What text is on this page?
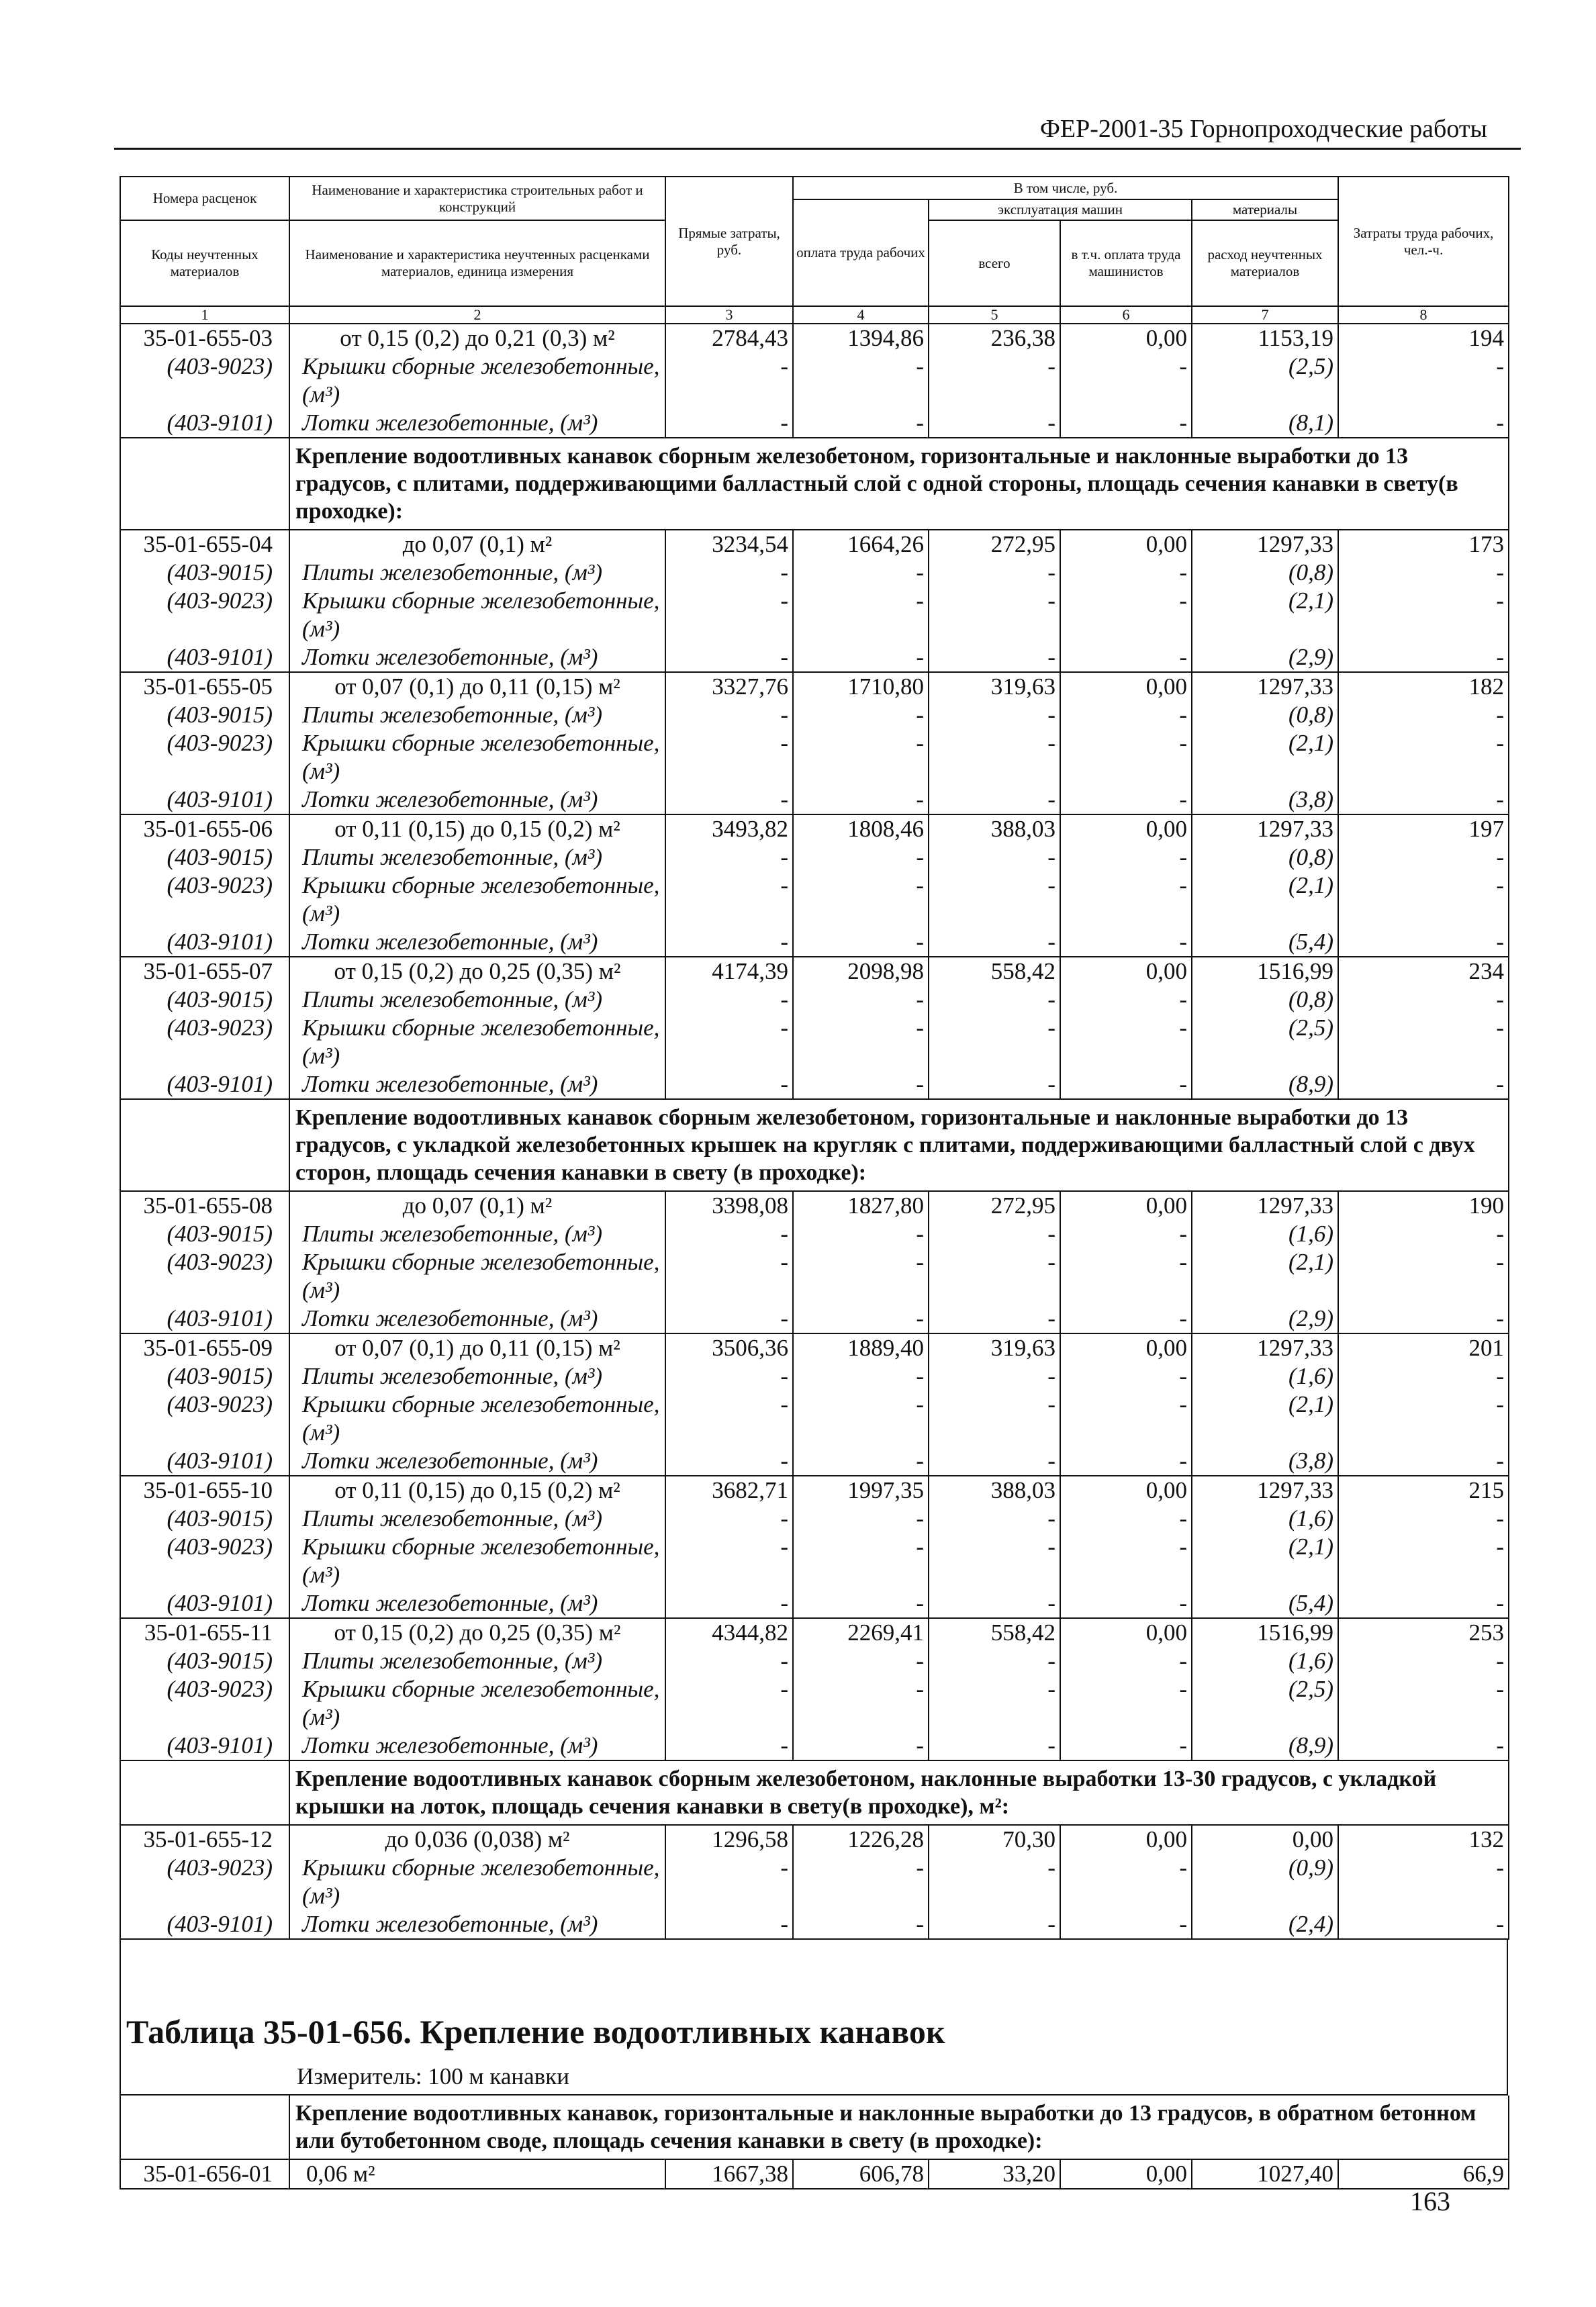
ФЕР-2001-35 Горнопроходческие работы
Номера расценок	Наименование и характеристика строительных работ и конструкций	Прямые затраты, руб.	В том числе, руб.				Затраты труда рабочих, чел.-ч.
			оплата труда рабочих	эксплуатация машин		материалы	
Коды неучтенных материалов	Наименование и характеристика неучтенных расценками материалов, единица измерения			всего	в т.ч. оплата труда машинистов	расход неучтенных материалов	

1	2	3	4	5	6	7	8
35-01-655-03	от 0,15 (0,2) до 0,21 (0,3) м²	2784,43	1394,86	236,38	0,00	1153,19	194
(403-9023)	Крышки сборные железобетонные, (м³)	-	-	-	-	(2,5)	-
(403-9101)	Лотки железобетонные, (м³)	-	-	-	-	(8,1)	-
	Крепление водоотливных канавок сборным железобетоном, горизонтальные и наклонные выработки до 13 градусов, с плитами, поддерживающими балластный слой с одной стороны, площадь сечения канавки в свету(в проходке):						
35-01-655-04	до 0,07 (0,1) м²	3234,54	1664,26	272,95	0,00	1297,33	173
(403-9015)	Плиты железобетонные, (м³)	-	-	-	-	(0,8)	-
(403-9023)	Крышки сборные железобетонные, (м³)	-	-	-	-	(2,1)	-
(403-9101)	Лотки железобетонные, (м³)	-	-	-	-	(2,9)	-
35-01-655-05	от 0,07 (0,1) до 0,11 (0,15) м²	3327,76	1710,80	319,63	0,00	1297,33	182
(403-9015)	Плиты железобетонные, (м³)	-	-	-	-	(0,8)	-
(403-9023)	Крышки сборные железобетонные, (м³)	-	-	-	-	(2,1)	-
(403-9101)	Лотки железобетонные, (м³)	-	-	-	-	(3,8)	-
35-01-655-06	от 0,11 (0,15) до 0,15 (0,2) м²	3493,82	1808,46	388,03	0,00	1297,33	197
(403-9015)	Плиты железобетонные, (м³)	-	-	-	-	(0,8)	-
(403-9023)	Крышки сборные железобетонные, (м³)	-	-	-	-	(2,1)	-
(403-9101)	Лотки железобетонные, (м³)	-	-	-	-	(5,4)	-
35-01-655-07	от 0,15 (0,2) до 0,25 (0,35) м²	4174,39	2098,98	558,42	0,00	1516,99	234
(403-9015)	Плиты железобетонные, (м³)	-	-	-	-	(0,8)	-
(403-9023)	Крышки сборные железобетонные, (м³)	-	-	-	-	(2,5)	-
(403-9101)	Лотки железобетонные, (м³)	-	-	-	-	(8,9)	-
	Крепление водоотливных канавок сборным железобетоном, горизонтальные и наклонные выработки до 13 градусов, с укладкой железобетонных крышек на кругляк с плитами, поддерживающими балластный слой с двух сторон, площадь сечения канавки в свету (в проходке):						
35-01-655-08	до 0,07 (0,1) м²	3398,08	1827,80	272,95	0,00	1297,33	190
(403-9015)	Плиты железобетонные, (м³)	-	-	-	-	(1,6)	-
(403-9023)	Крышки сборные железобетонные, (м³)	-	-	-	-	(2,1)	-
(403-9101)	Лотки железобетонные, (м³)	-	-	-	-	(2,9)	-
35-01-655-09	от 0,07 (0,1) до 0,11 (0,15) м²	3506,36	1889,40	319,63	0,00	1297,33	201
(403-9015)	Плиты железобетонные, (м³)	-	-	-	-	(1,6)	-
(403-9023)	Крышки сборные железобетонные, (м³)	-	-	-	-	(2,1)	-
(403-9101)	Лотки железобетонные, (м³)	-	-	-	-	(3,8)	-
35-01-655-10	от 0,11 (0,15) до 0,15 (0,2) м²	3682,71	1997,35	388,03	0,00	1297,33	215
(403-9015)	Плиты железобетонные, (м³)	-	-	-	-	(1,6)	-
(403-9023)	Крышки сборные железобетонные, (м³)	-	-	-	-	(2,1)	-
(403-9101)	Лотки железобетонные, (м³)	-	-	-	-	(5,4)	-
35-01-655-11	от 0,15 (0,2) до 0,25 (0,35) м²	4344,82	2269,41	558,42	0,00	1516,99	253
(403-9015)	Плиты железобетонные, (м³)	-	-	-	-	(1,6)	-
(403-9023)	Крышки сборные железобетонные, (м³)	-	-	-	-	(2,5)	-
(403-9101)	Лотки железобетонные, (м³)	-	-	-	-	(8,9)	-
	Крепление водоотливных канавок сборным железобетоном, наклонные выработки 13-30 градусов, с укладкой крышки на лоток, площадь сечения канавки в свету(в проходке), м²:						
35-01-655-12	до 0,036 (0,038) м²	1296,58	1226,28	70,30	0,00	0,00	132
(403-9023)	Крышки сборные железобетонные, (м³)	-	-	-	-	(0,9)	-
(403-9101)	Лотки железобетонные, (м³)	-	-	-	-	(2,4)	-
Таблица 35-01-656. Крепление водоотливных канавок
Измеритель: 100 м канавки
	Крепление водоотливных канавок, горизонтальные и наклонные выработки до 13 градусов, в обратном бетонном или бутобетонном своде, площадь сечения канавки в свету (в проходке):						
35-01-656-01	0,06 м²	1667,38	606,78	33,20	0,00	1027,40	66,9
163
